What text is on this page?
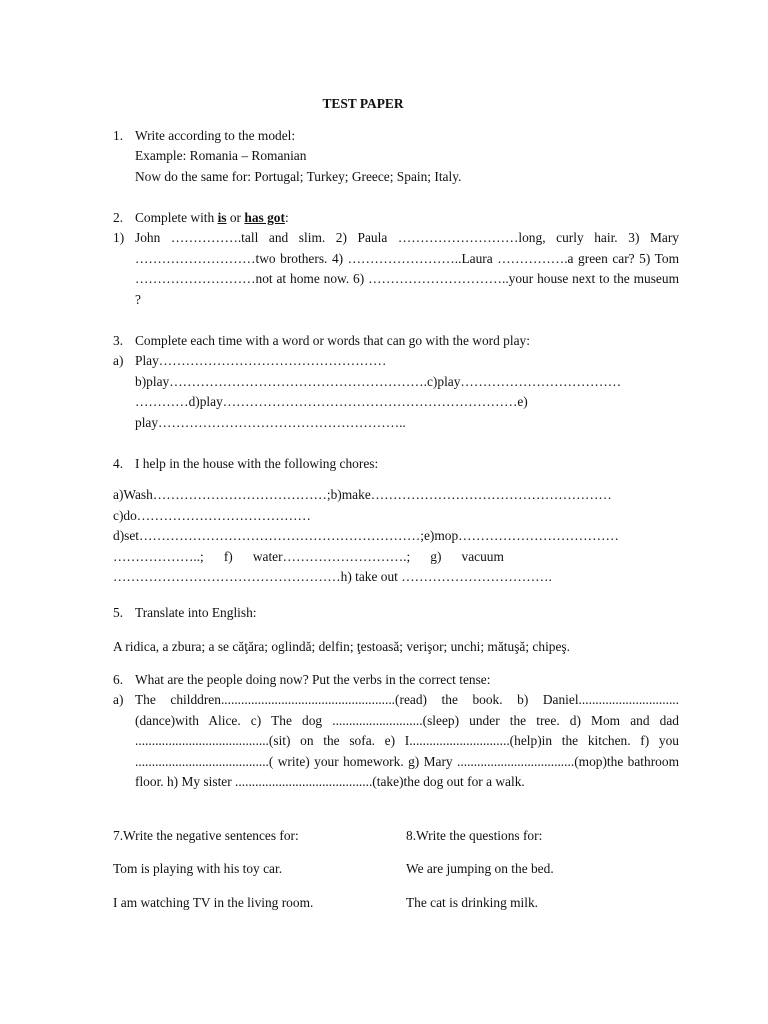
TEST PAPER
1. Write according to the model:
Example: Romania – Romanian
Now do the same for: Portugal; Turkey; Greece; Spain; Italy.
2. Complete with is or has got:
1) John …………….tall and slim. 2) Paula ………………………long, curly hair. 3) Mary ………………………two brothers. 4) ……………………..Laura …………….a green car? 5) Tom ………………………not at home now. 6) …………………………..your house next to the museum ?
3. Complete each time with a word or words that can go with the word play:
a) Play……………………………………………
b)play………………………………………………….c)play………………………………
…………d)play…………………………………………………………e)
play………………………………………………..
4. I help in the house with the following chores:
a)Wash…………………………………;b)make………………………………………………
c)do…………………………………
d)set………………………………………………………;e)mop………………………………
………………..;      f)      water……………………….;      g)      vacuum
……………………………………………h) take out …………………………….
5. Translate into English:
A ridica, a zbura; a se căţăra; oglindă; delfin; ţestoasă; verişor; unchi; mătuşă; chipeş.
6. What are the people doing now? Put the verbs in the correct tense:
a) The childdren....................................................(read) the book. b) Daniel..............................(dance)with Alice. c) The dog ...........................(sleep) under the tree. d) Mom and dad ........................................(sit) on the sofa. e) I..............................(help)in the kitchen. f) you ........................................( write) your homework. g) Mary ...................................(mop)the bathroom floor. h) My sister .........................................(take)the dog out for a walk.
7.Write the negative sentences for:	8.Write the questions for:
Tom is playing with his toy car.	We are jumping on the bed.
I am watching TV in the living room.	The cat is drinking milk.
